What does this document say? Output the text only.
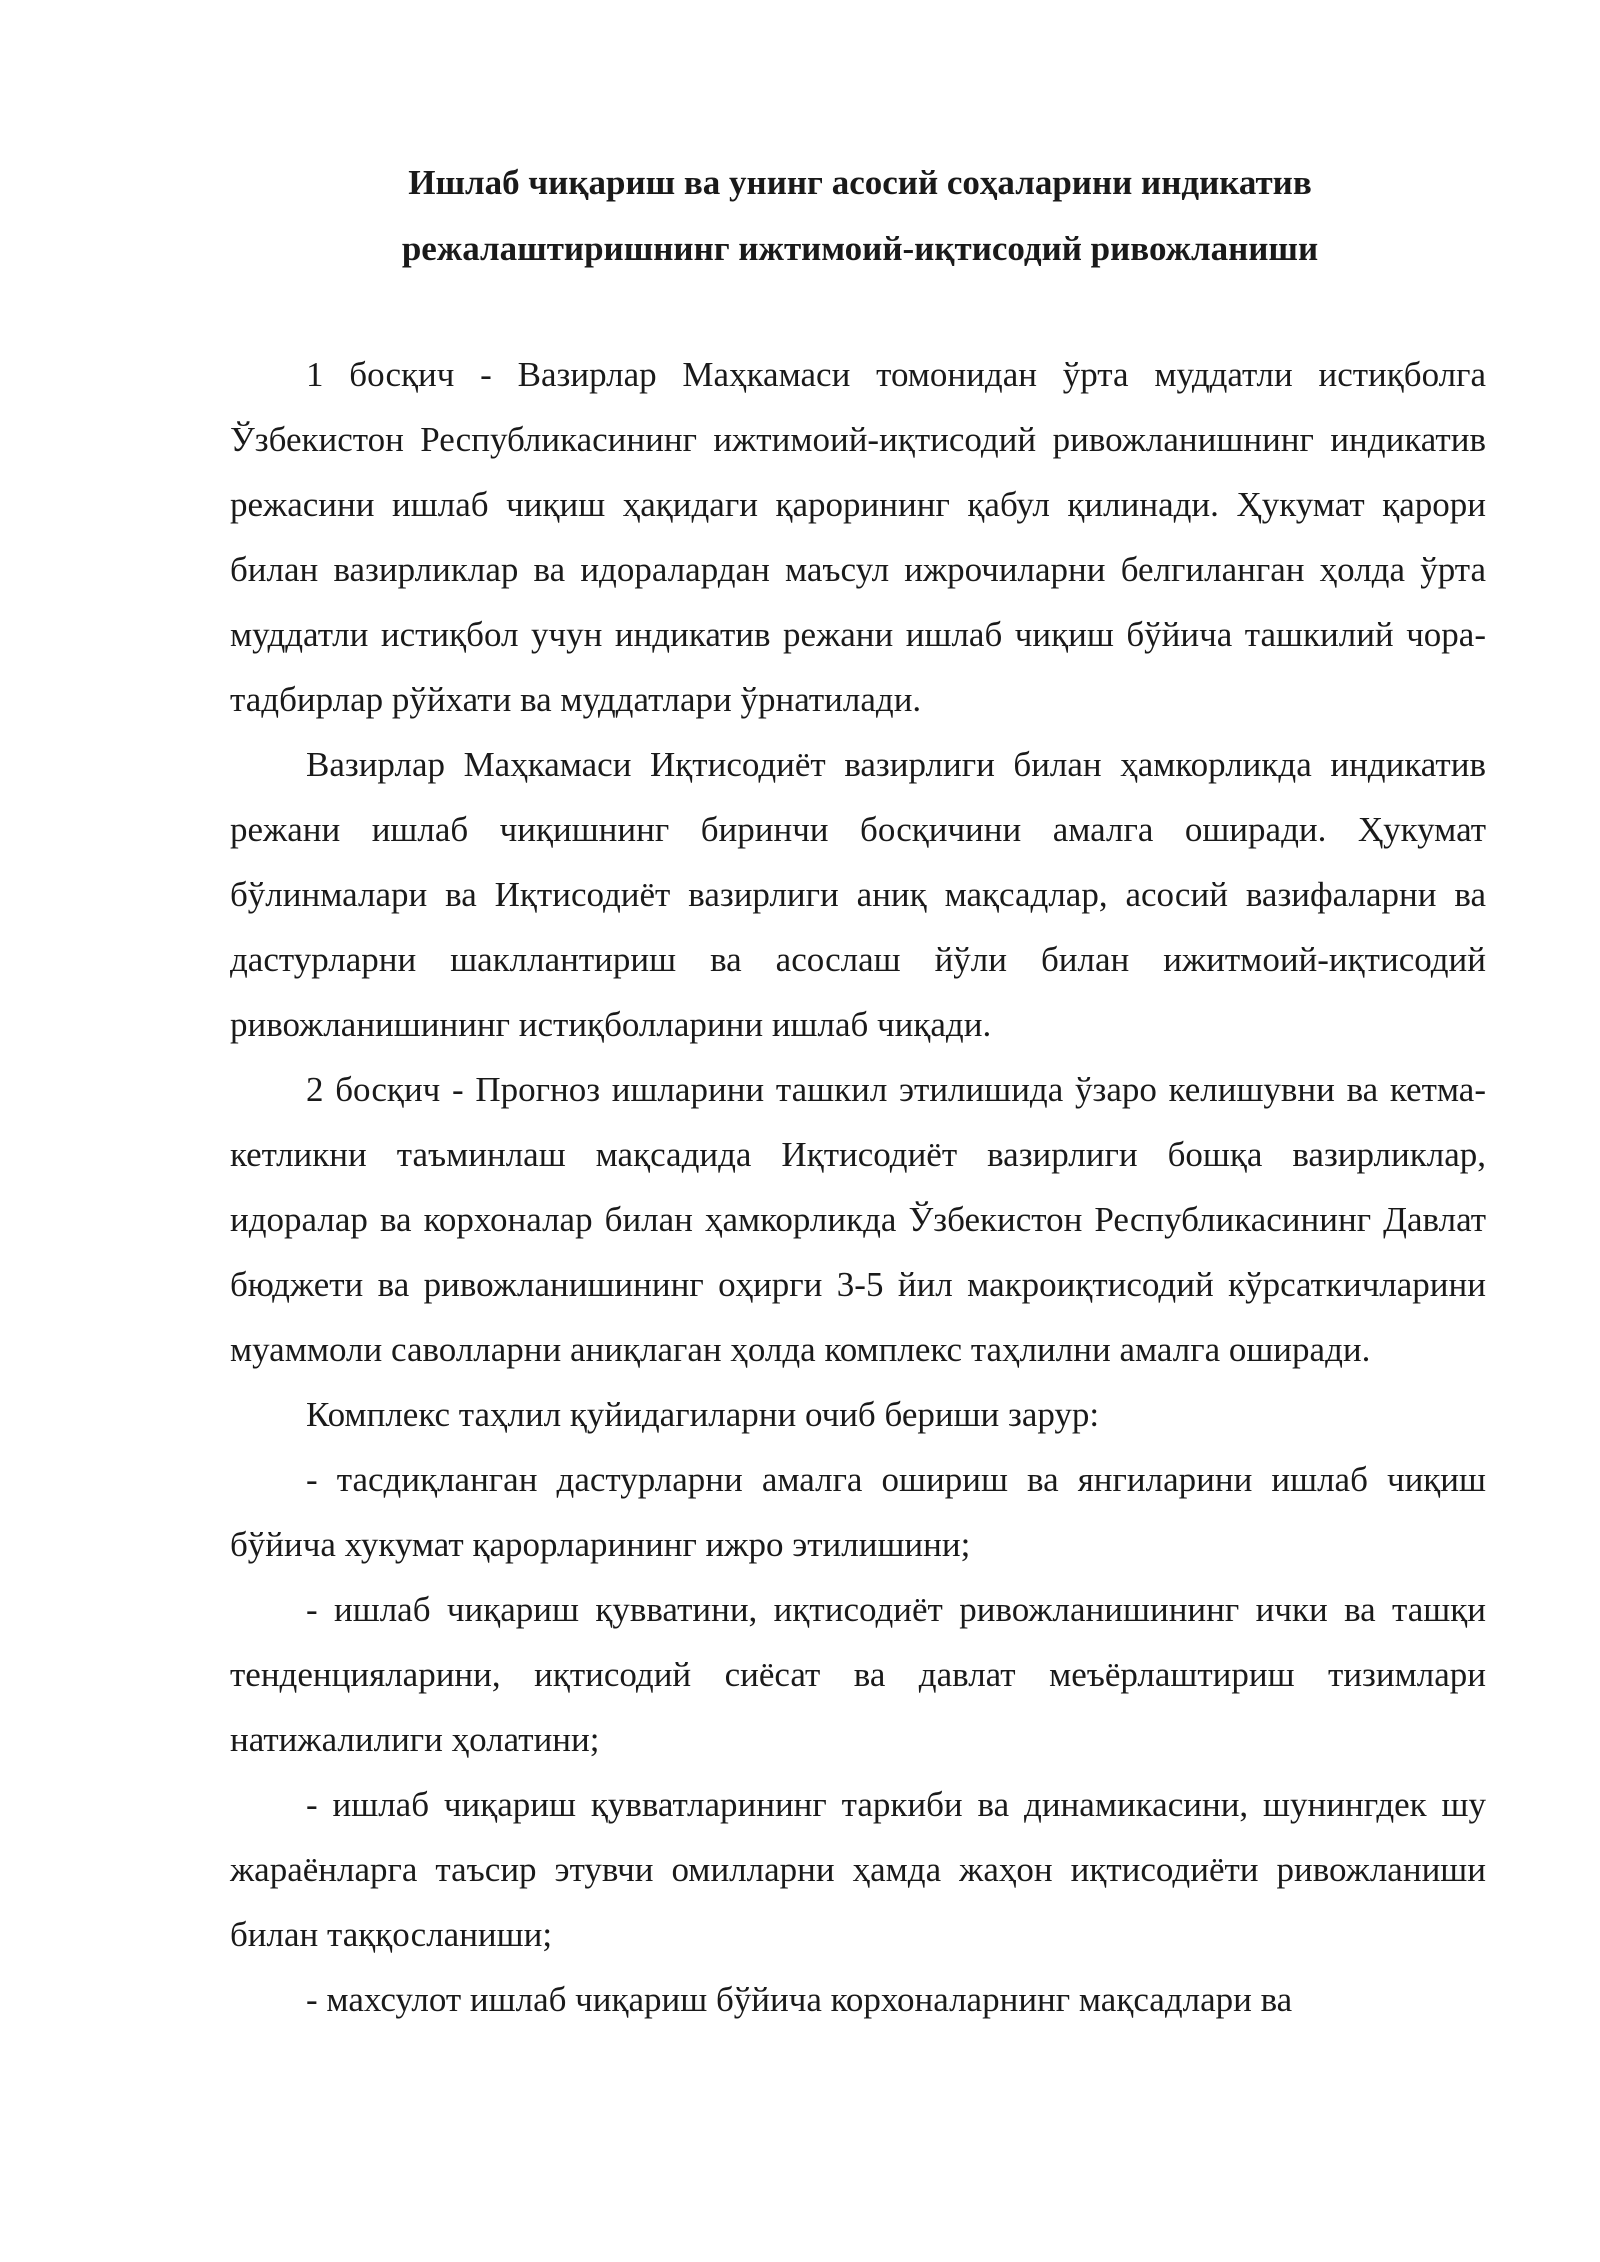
Ишлаб чиқариш ва унинг асосий соҳаларини индикатив
режалаштиришнинг ижтимоий-иқтисодий ривожланиши

1 босқич - Вазирлар Маҳкамаси томонидан ўрта муддатли истиқболга Ўзбекистон Республикасининг ижтимоий-иқтисодий ривожланишнинг индикатив режасини ишлаб чиқиш ҳақидаги қарорининг қабул қилинади. Ҳукумат қарори билан вазирликлар ва идоралардан маъсул ижрочиларни белгиланган ҳолда ўрта муддатли истиқбол учун индикатив режани ишлаб чиқиш бўйича ташкилий чора-тадбирлар рўйхати ва муддатлари ўрнатилади.

Вазирлар Маҳкамаси Иқтисодиёт вазирлиги билан ҳамкорликда индикатив режани ишлаб чиқишнинг биринчи босқичини амалга оширади. Ҳукумат бўлинмалари ва Иқтисодиёт вазирлиги аниқ мақсадлар, асосий вазифаларни ва дастурларни шакллантириш ва асослаш йўли билан ижитмоий-иқтисодий ривожланишининг истиқболларини ишлаб чиқади.

2 босқич - Прогноз ишларини ташкил этилишида ўзаро келишувни ва кетма-кетликни таъминлаш мақсадида Иқтисодиёт вазирлиги бошқа вазирликлар, идоралар ва корхоналар билан ҳамкорликда Ўзбекистон Республикасининг Давлат бюджети ва ривожланишининг оҳирги 3-5 йил макроиқтисодий кўрсаткичларини муаммоли саволларни аниқлаган ҳолда комплекс таҳлилни амалга оширади.

Комплекс таҳлил қуйидагиларни очиб бериши зарур:

- тасдиқланган дастурларни амалга ошириш ва янгиларини ишлаб чиқиш бўйича хукумат қарорларининг ижро этилишини;

- ишлаб чиқариш қувватини, иқтисодиёт ривожланишининг ички ва ташқи тенденцияларини, иқтисодий сиёсат ва давлат меъёрлаштириш тизимлари натижалилиги ҳолатини;

- ишлаб чиқариш қувватларининг таркиби ва динамикасини, шунингдек шу жараёнларга таъсир этувчи омилларни ҳамда жаҳон иқтисодиёти ривожланиши билан таққосланиши;

- махсулот ишлаб чиқариш бўйича корхоналарнинг мақсадлари ва
